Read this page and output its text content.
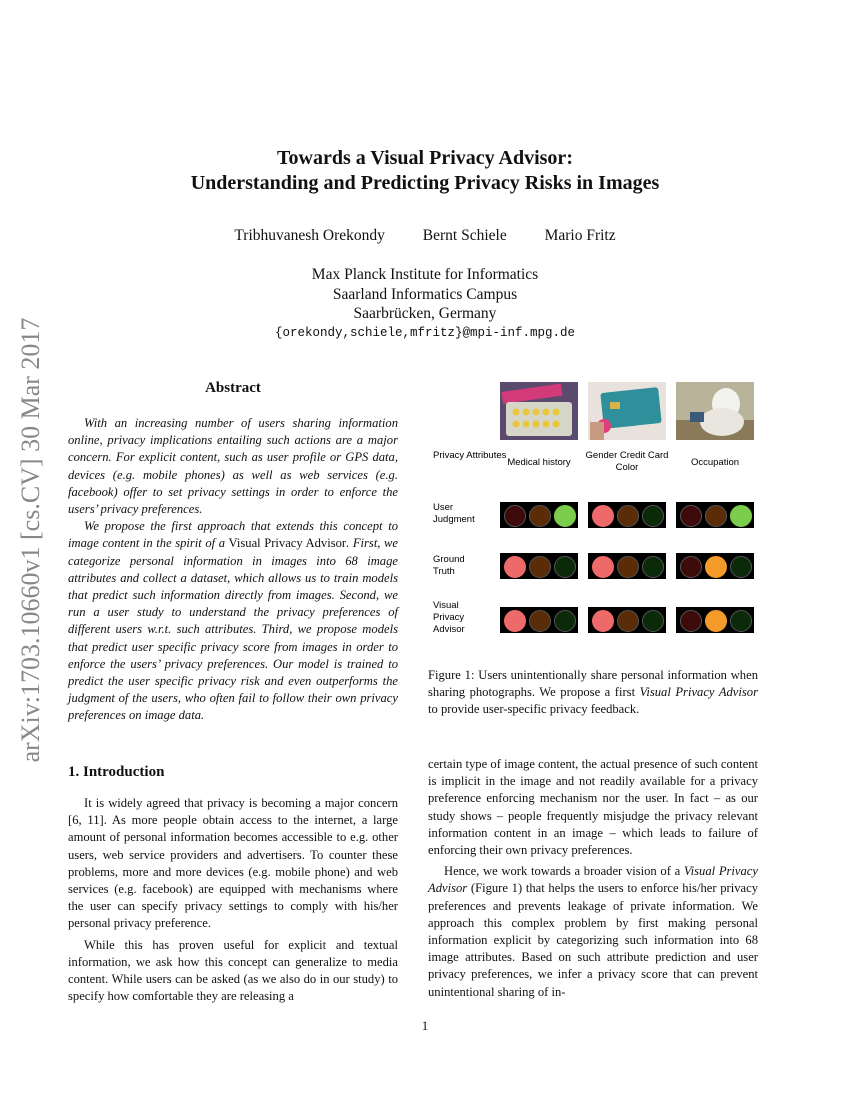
arXiv:1703.10660v1 [cs.CV] 30 Mar 2017
Towards a Visual Privacy Advisor:
Understanding and Predicting Privacy Risks in Images
Tribhuvanesh Orekondy Bernt Schiele Mario Fritz
Max Planck Institute for Informatics
Saarland Informatics Campus
Saarbrücken, Germany
{orekondy,schiele,mfritz}@mpi-inf.mpg.de
Abstract

With an increasing number of users sharing information online, privacy implications entailing such actions are a major concern. For explicit content, such as user profile or GPS data, devices (e.g. mobile phones) as well as web services (e.g. facebook) offer to set privacy settings in order to enforce the users’ privacy preferences.

We propose the first approach that extends this concept to image content in the spirit of a Visual Privacy Advisor. First, we categorize personal information in images into 68 image attributes and collect a dataset, which allows us to train models that predict such information directly from images. Second, we run a user study to understand the privacy preferences of different users w.r.t. such attributes. Third, we propose models that predict user specific privacy score from images in order to enforce the users’ privacy preferences. Our model is trained to predict the user specific privacy risk and even outperforms the judgment of the users, who often fail to follow their own privacy preferences on image data.

Privacy Attributes
Medical history
Gender Credit Card Color	Occupation
User Judgment
Ground Truth
Visual Privacy Advisor
Figure 1: Users unintentionally share personal information when sharing photographs. We propose a first Visual Privacy Advisor to provide user-specific privacy feedback.
1. Introduction

It is widely agreed that privacy is becoming a major concern [6, 11]. As more people obtain access to the internet, a large amount of personal information becomes accessible to e.g. other users, web service providers and advertisers. To counter these problems, more and more devices (e.g. mobile phone) and web services (e.g. facebook) are equipped with mechanisms where the user can specify privacy settings to comply with his/her personal privacy preference.

While this has proven useful for explicit and textual information, we ask how this concept can generalize to media content. While users can be asked (as we also do in our study) to specify how comfortable they are releasing a

certain type of image content, the actual presence of such content is implicit in the image and not readily available for a privacy preference enforcing mechanism nor the user. In fact – as our study shows – people frequently misjudge the privacy relevant information content in an image – which leads to failure of enforcing their own privacy preferences.

Hence, we work towards a broader vision of a Visual Privacy Advisor (Figure 1) that helps the users to enforce his/her privacy preferences and prevents leakage of private information. We approach this complex problem by first making personal information explicit by categorizing such information into 68 image attributes. Based on such attribute prediction and user privacy preferences, we infer a privacy score that can prevent unintentional sharing of in-

1
